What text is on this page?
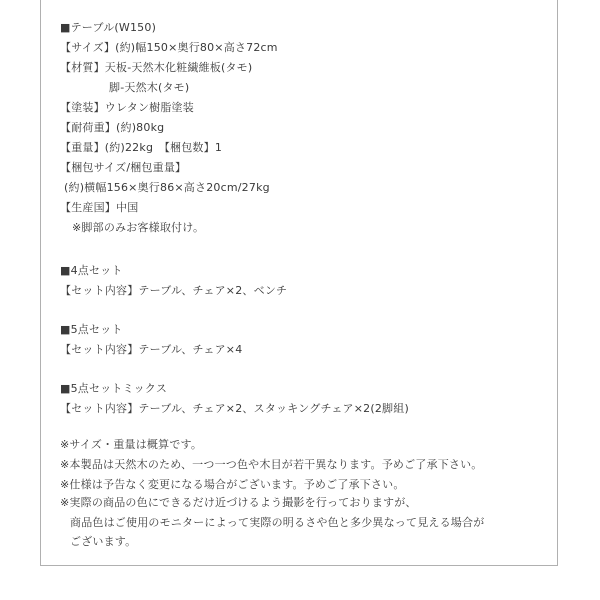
■テーブル(W150)
【サイズ】(約)幅150×奥行80×高さ72cm
【材質】天板-天然木化粧繊維板(タモ)
脚-天然木(タモ)
【塗装】ウレタン樹脂塗装
【耐荷重】(約)80kg
【重量】(約)22kg　【梱包数】1
【梱包サイズ/梱包重量】
(約)横幅156×奥行86×高さ20cm/27kg
【生産国】中国
※脚部のみお客様取付け。
■4点セット
【セット内容】テーブル、チェア×2、ベンチ
■5点セット
【セット内容】テーブル、チェア×4
■5点セットミックス
【セット内容】テーブル、チェア×2、スタッキングチェア×2(2脚組)
※サイズ・重量は概算です。
※本製品は天然木のため、一つ一つ色や木目が若干異なります。予めご了承下さい。
※仕様は予告なく変更になる場合がございます。予めご了承下さい。
※実際の商品の色にできるだけ近づけるよう撮影を行っておりますが、
商品色はご使用のモニターによって実際の明るさや色と多少異なって見える場合が
ございます。
